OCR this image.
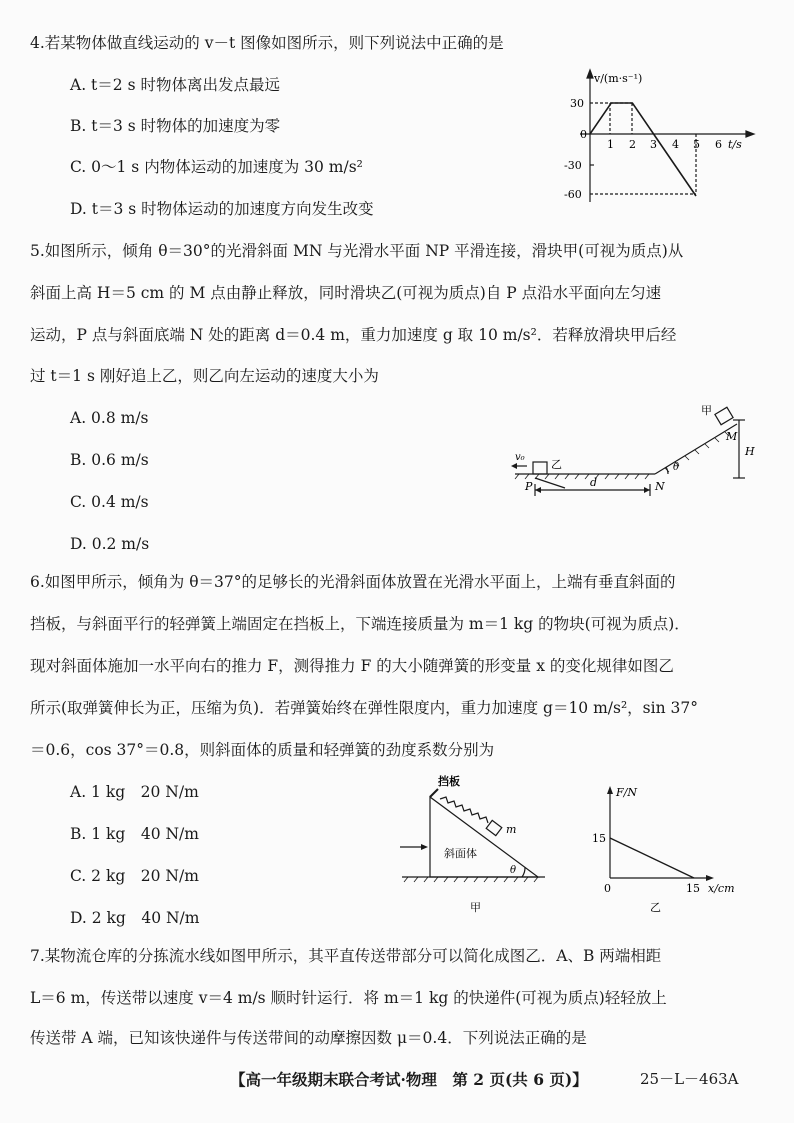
4.若某物体做直线运动的 v－t 图像如图所示，则下列说法中正确的是
A. t＝2 s 时物体离出发点最远
B. t＝3 s 时物体的加速度为零
C. 0～1 s 内物体运动的加速度为 30 m/s²
D. t＝3 s 时物体运动的加速度方向发生改变
v/(m·s⁻¹)
30
0
-30
-60
1 2 3 4 5 6 t/s
5.如图所示，倾角 θ＝30°的光滑斜面 MN 与光滑水平面 NP 平滑连接，滑块甲(可视为质点)从
斜面上高 H＝5 cm 的 M 点由静止释放，同时滑块乙(可视为质点)自 P 点沿水平面向左匀速
运动，P 点与斜面底端 N 处的距离 d＝0.4 m，重力加速度 g 取 10 m/s²．若释放滑块甲后经
过 t＝1 s 刚好追上乙，则乙向左运动的速度大小为
A. 0.8 m/s
B. 0.6 m/s
C. 0.4 m/s
D. 0.2 m/s
甲
乙
v₀
P	N
M
H
d
θ
6.如图甲所示，倾角为 θ＝37°的足够长的光滑斜面体放置在光滑水平面上，上端有垂直斜面的
挡板，与斜面平行的轻弹簧上端固定在挡板上，下端连接质量为 m＝1 kg 的物块(可视为质点)．
现对斜面体施加一水平向右的推力 F，测得推力 F 的大小随弹簧的形变量 x 的变化规律如图乙
所示(取弹簧伸长为正，压缩为负)．若弹簧始终在弹性限度内，重力加速度 g＝10 m/s²，sin 37°
＝0.6，cos 37°＝0.8，则斜面体的质量和轻弹簧的劲度系数分别为
A. 1 kg　20 N/m
B. 1 kg　40 N/m
C. 2 kg　20 N/m
D. 2 kg　40 N/m
挡板
斜面体
m
θ
甲
F/N
15
0	15 x/cm
乙
7.某物流仓库的分拣流水线如图甲所示，其平直传送带部分可以简化成图乙．A、B 两端相距
L＝6 m，传送带以速度 v＝4 m/s 顺时针运行．将 m＝1 kg 的快递件(可视为质点)轻轻放上
传送带 A 端，已知该快递件与传送带间的动摩擦因数 μ＝0.4．下列说法正确的是
【高一年级期末联合考试·物理　第 2 页(共 6 页)】	25－L－463A
